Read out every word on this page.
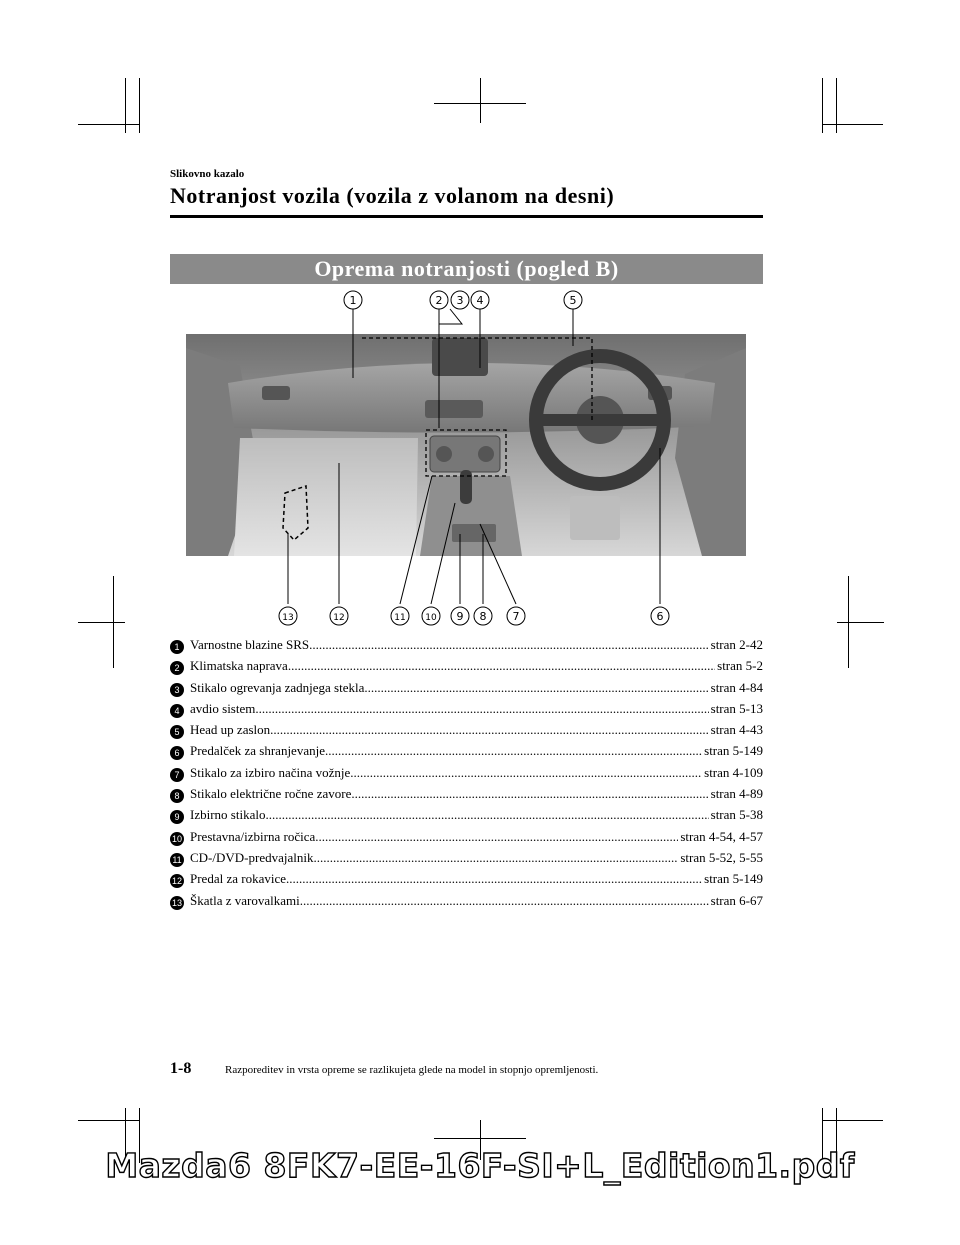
Slikovno kazalo
Notranjost vozila (vozila z volanom na desni)
Oprema notranjosti (pogled B)
1	2 3 4	5
13	12	11 10 9 8 7	6
1 Varnostne blazine SRS .....	stran 2-42
2 Klimatska naprava .....	stran 5-2
3 Stikalo ogrevanja zadnjega stekla .....	stran 4-84
4 avdio sistem .....	stran 5-13
5 Head up zaslon .....	stran 4-43
6 Predalček za shranjevanje .....	stran 5-149
7 Stikalo za izbiro načina vožnje .....	stran 4-109
8 Stikalo električne ročne zavore .....	stran 4-89
9 Izbirno stikalo .....	stran 5-38
10 Prestavna/izbirna ročica .....	stran 4-54, 4-57
11 CD-/DVD-predvajalnik .....	stran 5-52, 5-55
12 Predal za rokavice .....	stran 5-149
13 Škatla z varovalkami .....	stran 6-67
1-8	Razporeditev in vrsta opreme se razlikujeta glede na model in stopnjo opremljenosti.
Mazda6 8FK7-EE-16F-SI+L_Edition1.pdf
